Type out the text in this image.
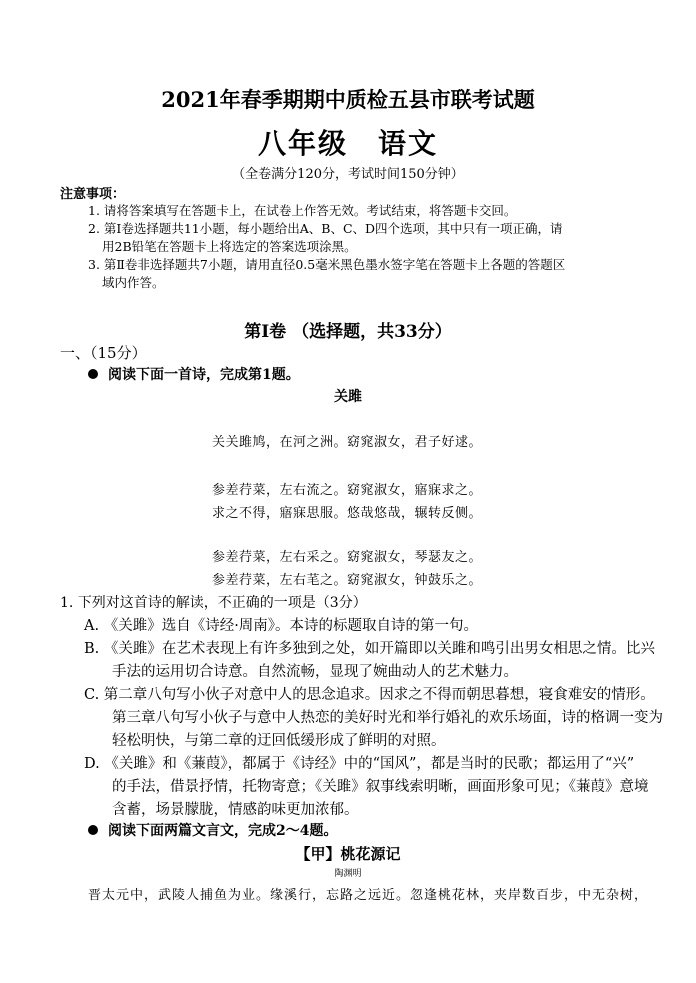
2021年春季期期中质检五县市联考试题
八年级 语文
（全卷满分120分，考试时间150分钟）
注意事项：
1. 请将答案填写在答题卡上，在试卷上作答无效。考试结束，将答题卡交回。
2. 第Ⅰ卷选择题共11小题，每小题给出A、B、C、D四个选项，其中只有一项正确，请
用2B铅笔在答题卡上将选定的答案选项涂黑。
3. 第Ⅱ卷非选择题共7小题，请用直径0.5毫米黑色墨水签字笔在答题卡上各题的答题区
域内作答。
第Ⅰ卷 （选择题，共33分）
一、（15分）
阅读下面一首诗，完成第1题。
关雎
关关雎鸠，在河之洲。窈窕淑女，君子好逑。
参差荇菜，左右流之。窈窕淑女，寤寐求之。
求之不得，寤寐思服。悠哉悠哉，辗转反侧。
参差荇菜，左右采之。窈窕淑女，琴瑟友之。
参差荇菜，左右芼之。窈窕淑女，钟鼓乐之。
1. 下列对这首诗的解读，不正确的一项是（3分）
A. 《关雎》选自《诗经·周南》。本诗的标题取自诗的第一句。
B. 《关雎》在艺术表现上有许多独到之处，如开篇即以关雎和鸣引出男女相思之情。比兴
手法的运用切合诗意。自然流畅，显现了婉曲动人的艺术魅力。
C. 第二章八句写小伙子对意中人的思念追求。因求之不得而朝思暮想，寝食难安的情形。
第三章八句写小伙子与意中人热恋的美好时光和举行婚礼的欢乐场面，诗的格调一变为
轻松明快，与第二章的迂回低缓形成了鲜明的对照。
D. 《关雎》和《蒹葭》，都属于《诗经》中的“国风”，都是当时的民歌；都运用了“兴”
的手法，借景抒情，托物寄意；《关雎》叙事线索明晰，画面形象可见；《蒹葭》意境
含蓄，场景朦胧，情感韵味更加浓郁。
阅读下面两篇文言文，完成2～4题。
【甲】桃花源记
陶渊明
晋太元中，武陵人捕鱼为业。缘溪行，忘路之远近。忽逢桃花林，夹岸数百步，中无杂树，
